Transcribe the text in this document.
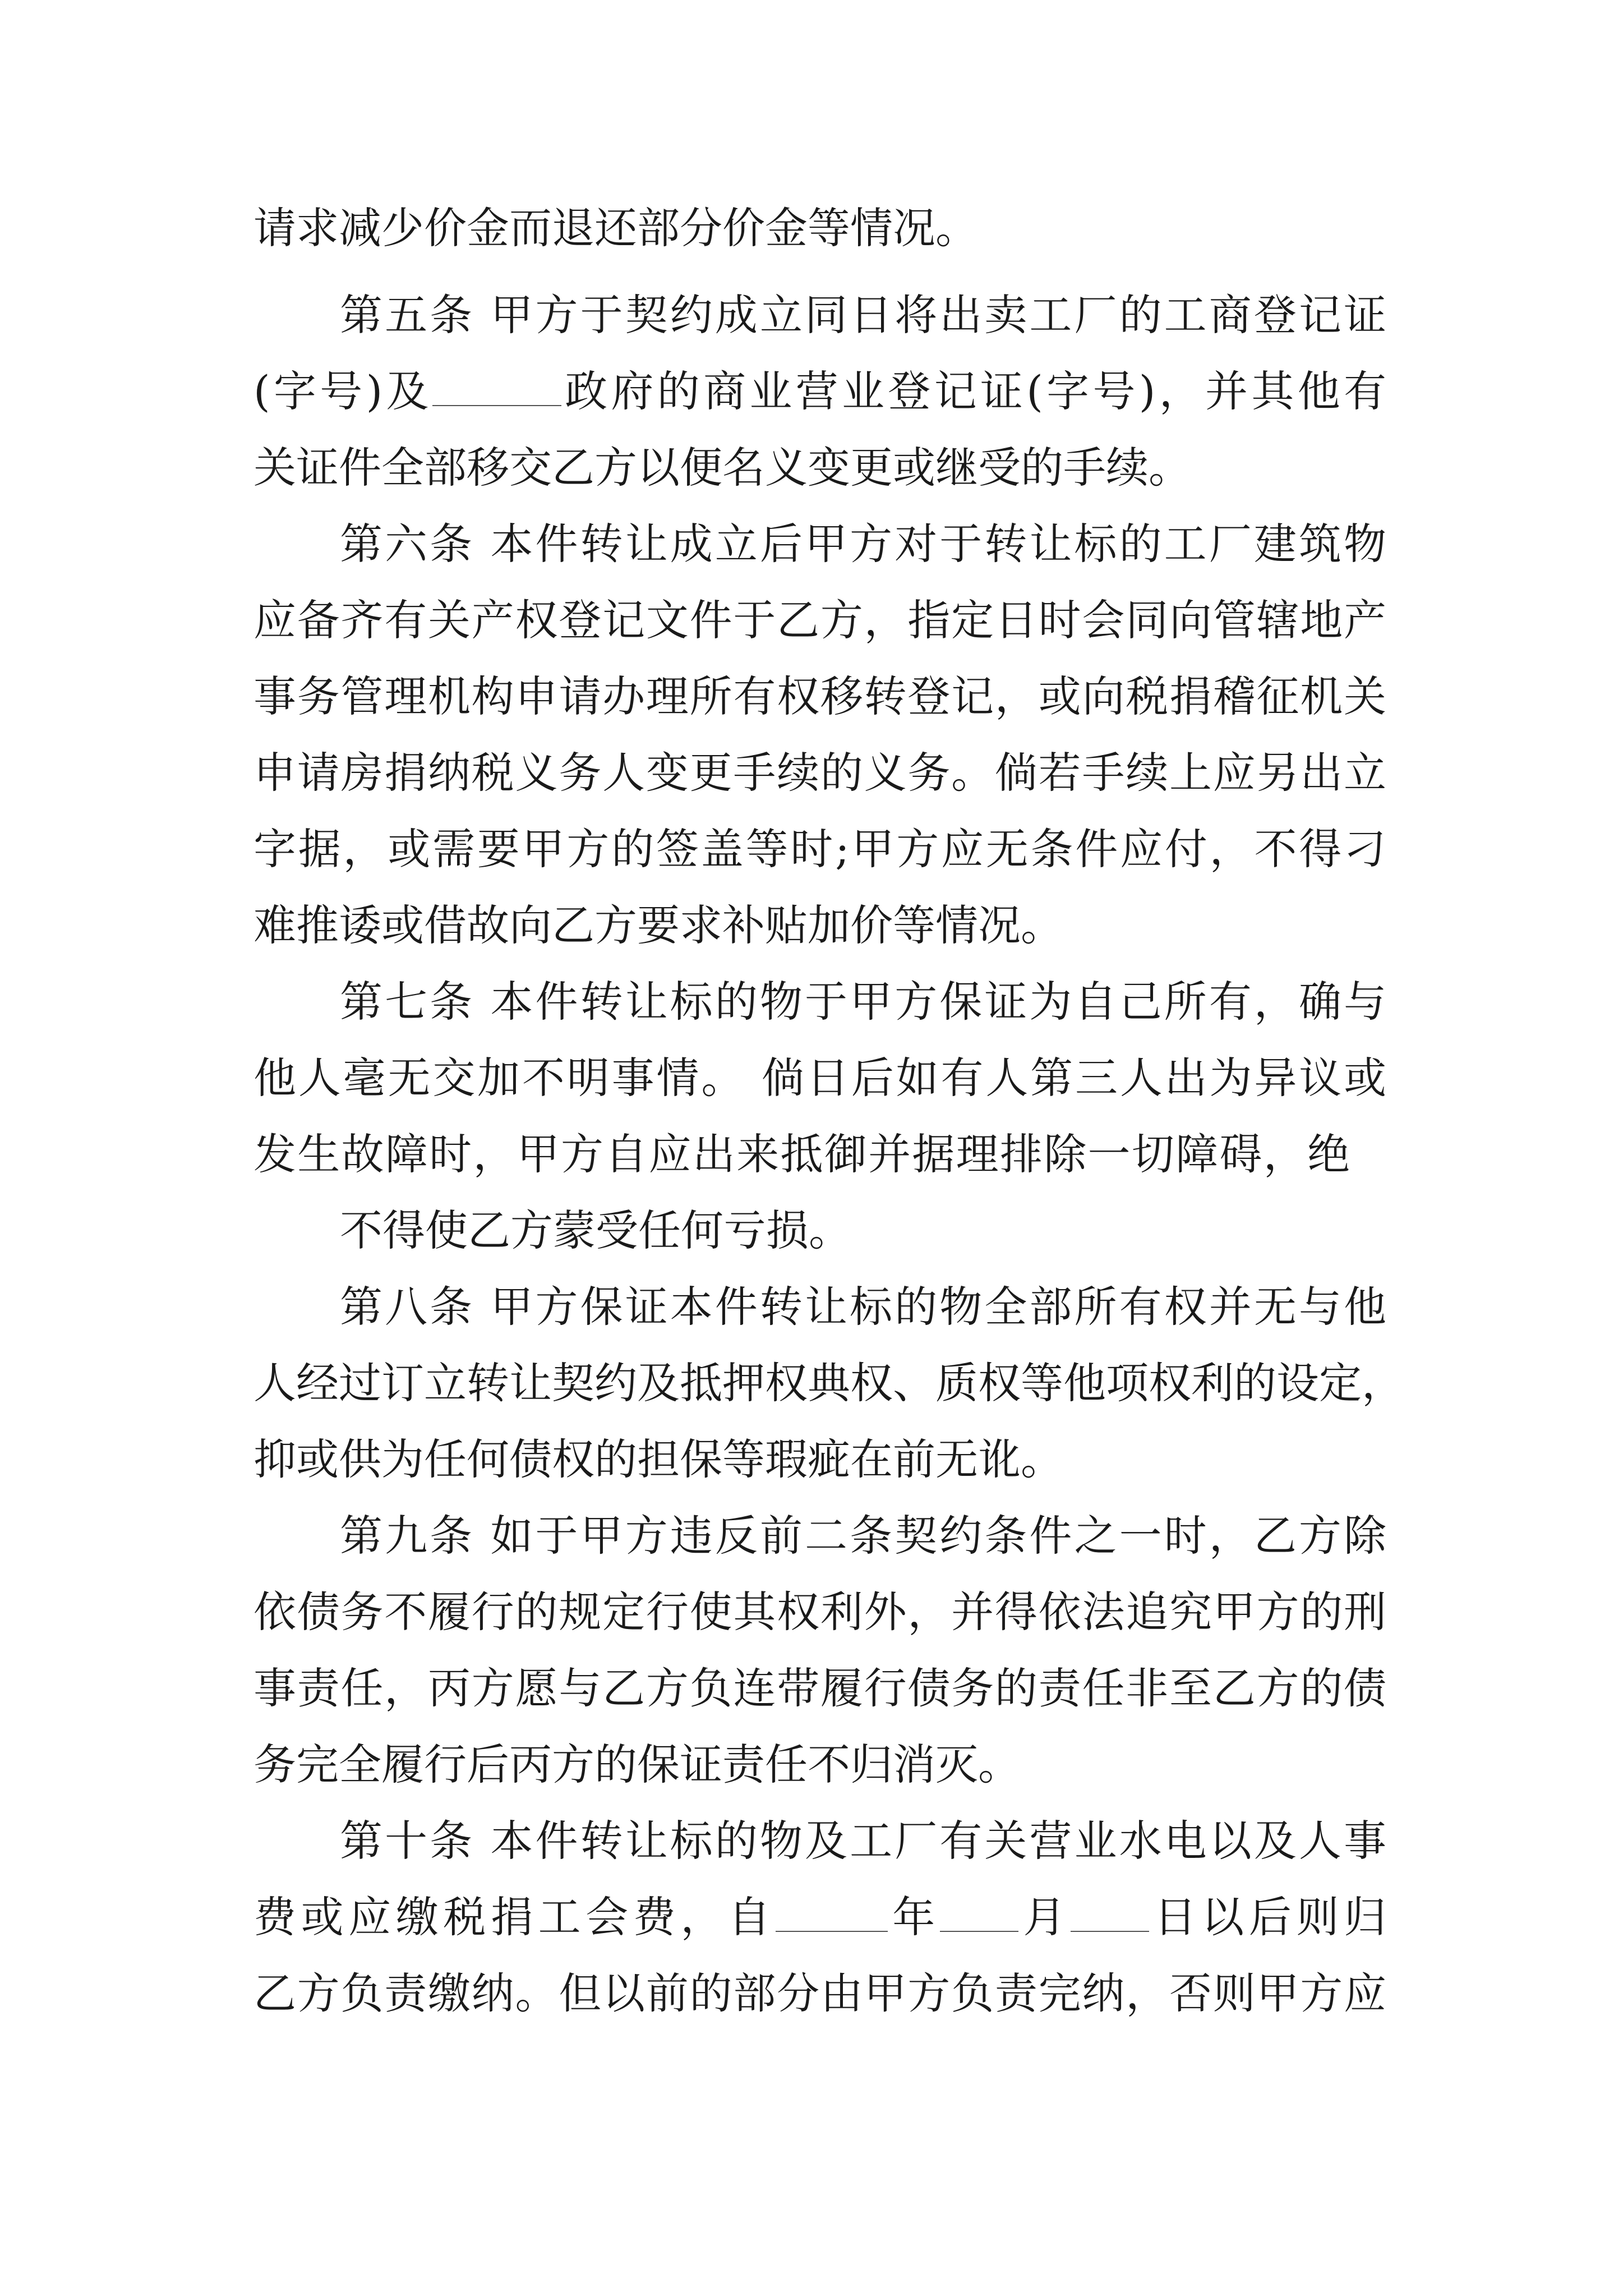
请求减少价金而退还部分价金等情况。
第五条 甲方于契约成立同日将出卖工厂的工商登记证
(字号)及	政府的商业营业登记证(字号)，并其他有
关证件全部移交乙方以便名义变更或继受的手续。
第六条 本件转让成立后甲方对于转让标的工厂建筑物
应备齐有关产权登记文件于乙方，指定日时会同向管辖地产
事务管理机构申请办理所有权移转登记，或向税捐稽征机关
申请房捐纳税义务人变更手续的义务。倘若手续上应另出立
字据，或需要甲方的签盖等时;甲方应无条件应付，不得刁
难推诿或借故向乙方要求补贴加价等情况。
第七条 本件转让标的物于甲方保证为自己所有，确与
他人毫无交加不明事情。 倘日后如有人第三人出为异议或
发生故障时，甲方自应出来抵御并据理排除一切障碍，绝
不得使乙方蒙受任何亏损。
第八条 甲方保证本件转让标的物全部所有权并无与他
人经过订立转让契约及抵押权典权、质权等他项权利的设定，
抑或供为任何债权的担保等瑕疵在前无讹。
第九条 如于甲方违反前二条契约条件之一时，乙方除
依债务不履行的规定行使其权利外，并得依法追究甲方的刑
事责任，丙方愿与乙方负连带履行债务的责任非至乙方的债
务完全履行后丙方的保证责任不归消灭。
第十条 本件转让标的物及工厂有关营业水电以及人事
费或应缴税捐工会费，自	年 月 日以后则归
乙方负责缴纳。但以前的部分由甲方负责完纳，否则甲方应
